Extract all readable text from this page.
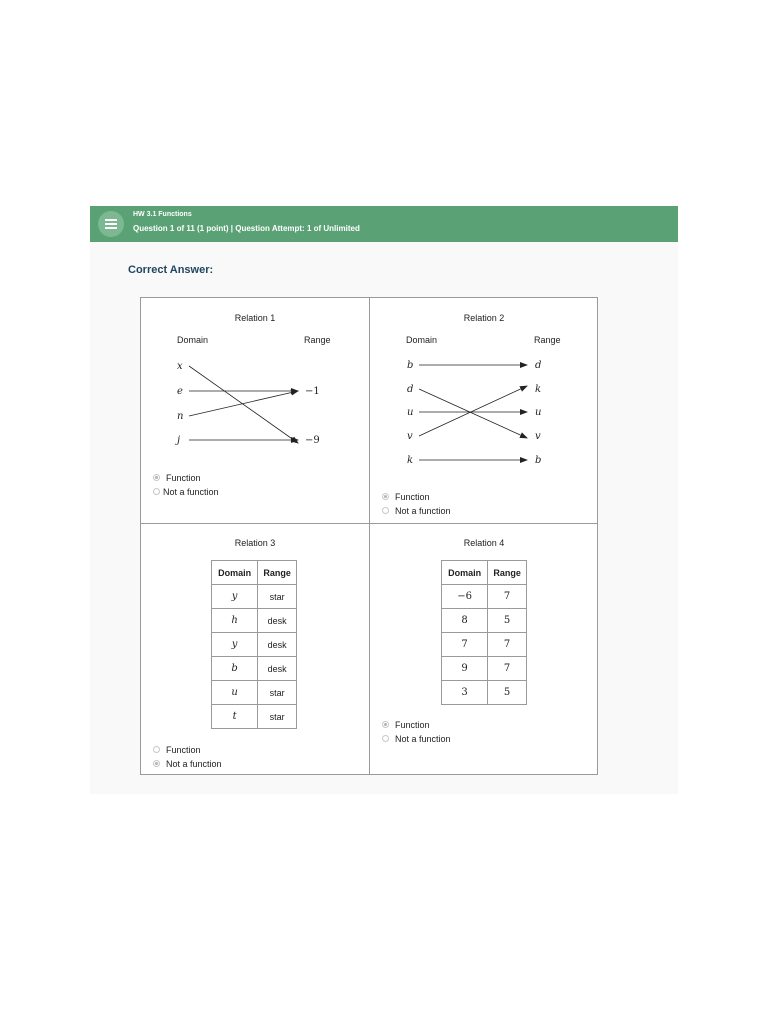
HW 3.1 Functions
Question 1 of 11 (1 point) | Question Attempt: 1 of Unlimited
Correct Answer:
Relation 1
Domain	Range
x
e
n
j
−1
−9
Function
Not a function
Relation 2
Domain	Range
b
d
u
v
k
d
k
u
v
b
Function
Not a function
Relation 3
Domain	Range
y	star
h	desk
y	desk
b	desk
u	star
t	star
Function
Not a function
Relation 4
Domain	Range
−6	7
8	5
7	7
9	7
3	5
Function
Not a function
